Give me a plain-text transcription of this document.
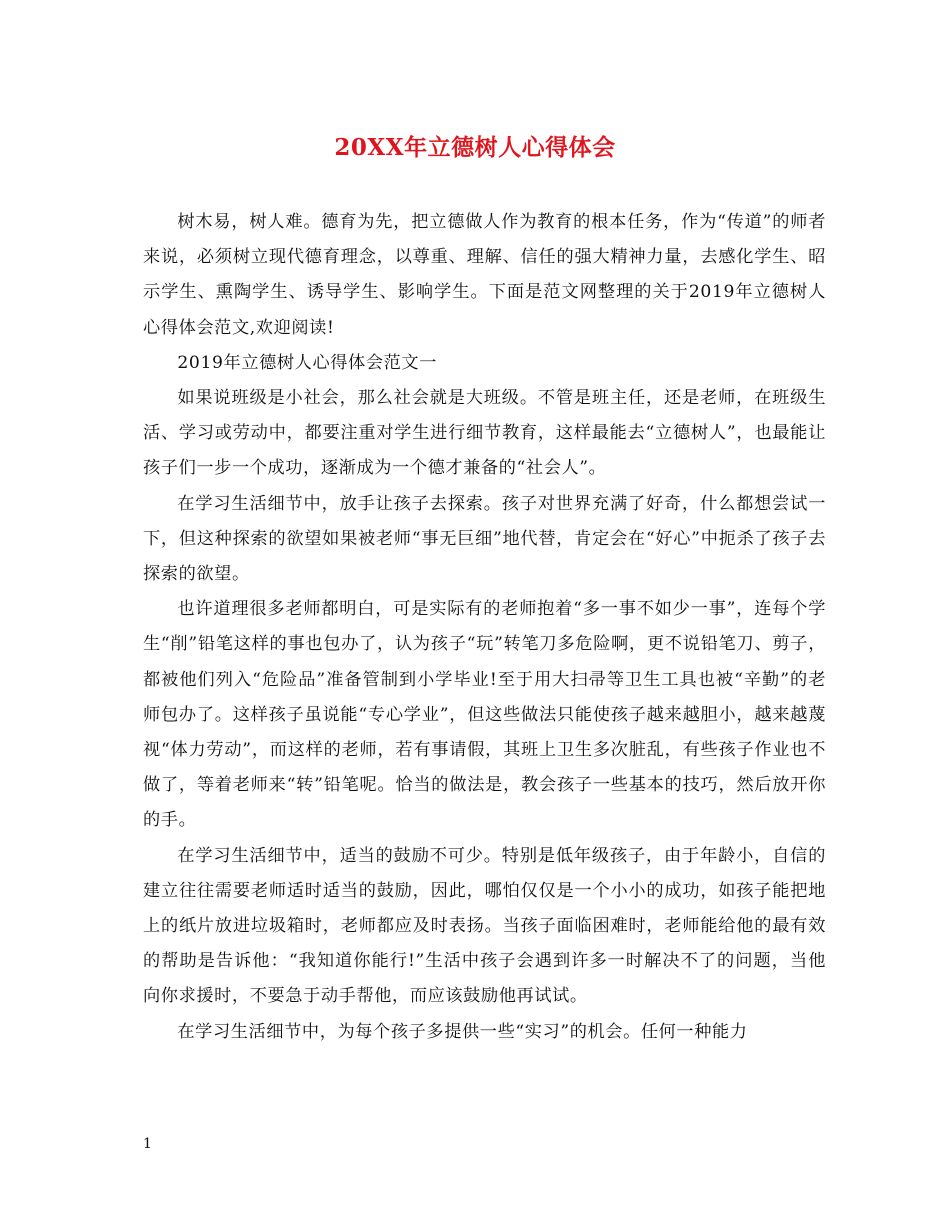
20XX年立德树人心得体会

树木易，树人难。德育为先，把立德做人作为教育的根本任务，作为“传道”的师者来说，必须树立现代德育理念，以尊重、理解、信任的强大精神力量，去感化学生、昭示学生、熏陶学生、诱导学生、影响学生。下面是范文网整理的关于2019年立德树人心得体会范文,欢迎阅读!

2019年立德树人心得体会范文一

如果说班级是小社会，那么社会就是大班级。不管是班主任，还是老师，在班级生活、学习或劳动中，都要注重对学生进行细节教育，这样最能去“立德树人”，也最能让孩子们一步一个成功，逐渐成为一个德才兼备的“社会人”。

在学习生活细节中，放手让孩子去探索。孩子对世界充满了好奇，什么都想尝试一下，但这种探索的欲望如果被老师“事无巨细”地代替，肯定会在“好心”中扼杀了孩子去探索的欲望。

也许道理很多老师都明白，可是实际有的老师抱着“多一事不如少一事”，连每个学生“削”铅笔这样的事也包办了，认为孩子“玩”转笔刀多危险啊，更不说铅笔刀、剪子，都被他们列入“危险品”准备管制到小学毕业!至于用大扫帚等卫生工具也被“辛勤”的老师包办了。这样孩子虽说能“专心学业”，但这些做法只能使孩子越来越胆小，越来越蔑视“体力劳动”，而这样的老师，若有事请假，其班上卫生多次脏乱，有些孩子作业也不做了，等着老师来“转”铅笔呢。恰当的做法是，教会孩子一些基本的技巧，然后放开你的手。

在学习生活细节中，适当的鼓励不可少。特别是低年级孩子，由于年龄小，自信的建立往往需要老师适时适当的鼓励，因此，哪怕仅仅是一个小小的成功，如孩子能把地上的纸片放进垃圾箱时，老师都应及时表扬。当孩子面临困难时，老师能给他的最有效的帮助是告诉他：“我知道你能行!”生活中孩子会遇到许多一时解决不了的问题，当他向你求援时，不要急于动手帮他，而应该鼓励他再试试。

在学习生活细节中，为每个孩子多提供一些“实习”的机会。任何一种能力

1
